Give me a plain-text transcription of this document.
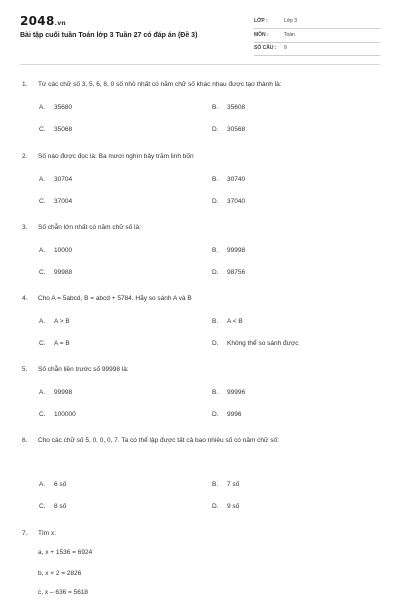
2048.vn
Bài tập cuối tuần Toán lớp 3 Tuần 27 có đáp án (Đề 3)
LỚP :	Lớp 3
MÔN :	Toán
SỐ CÂU : 9
1. Từ các chữ số 3, 5, 6, 8, 0 số nhỏ nhất có năm chữ số khác nhau được tạo thành là:
A. 35680	B. 35608
C. 35068	D. 30568
2. Số nào được đọc là: Ba mươi nghìn bảy trăm linh bốn
A. 30704	B. 30740
C. 37004	D. 37040
3. Số chẵn lớn nhất có năm chữ số là:
A. 10000	B. 99998
C. 99988	D. 98756
4. Cho A = 5abcd, B = abcd + 5784. Hãy so sánh A và B
A. A > B	B. A < B
C. A = B	D. Không thể so sánh được
5. Số chẵn liền trước số 99998 là:
A. 99998	B. 99996
C. 100000	D. 9996
6. Cho các chữ số 5, 0, 0, 0, 7. Ta có thể lập được tất cả bao nhiêu số có năm chữ số:
A. 6 số	B. 7 số
C. 8 số	D. 9 số
7. Tìm x:
a, x + 1536 = 6924
b, x × 2 = 2826
c, x – 636 = 5618
